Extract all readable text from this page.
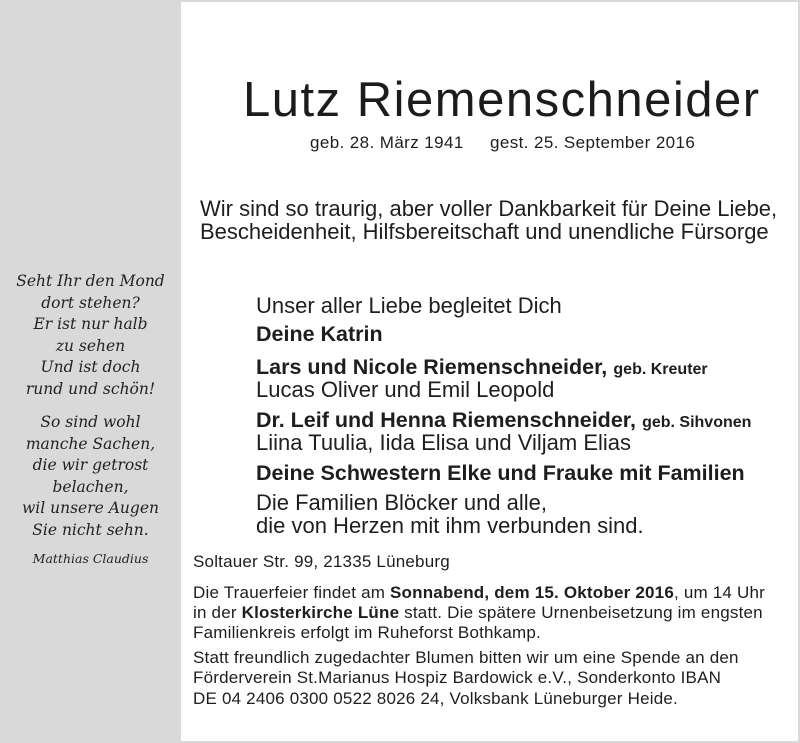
Seht Ihr den Mond
dort stehen?
Er ist nur halb
zu sehen
Und ist doch
rund und schön!
So sind wohl
manche Sachen,
die wir getrost
belachen,
wil unsere Augen
Sie nicht sehn.
Matthias Claudius
Lutz Riemenschneider
geb. 28. März 1941 gest. 25. September 2016
Wir sind so traurig, aber voller Dankbarkeit für Deine Liebe,
Bescheidenheit, Hilfsbereitschaft und unendliche Fürsorge
Unser aller Liebe begleitet Dich
Deine Katrin
Lars und Nicole Riemenschneider, geb. Kreuter
Lucas Oliver und Emil Leopold
Dr. Leif und Henna Riemenschneider, geb. Sihvonen
Liina Tuulia, Iida Elisa und Viljam Elias
Deine Schwestern Elke und Frauke mit Familien
Die Familien Blöcker und alle,
die von Herzen mit ihm verbunden sind.
Soltauer Str. 99, 21335 Lüneburg
Die Trauerfeier findet am Sonnabend, dem 15. Oktober 2016, um 14 Uhr
in der Klosterkirche Lüne statt. Die spätere Urnenbeisetzung im engsten
Familienkreis erfolgt im Ruheforst Bothkamp.
Statt freundlich zugedachter Blumen bitten wir um eine Spende an den
Förderverein St.Marianus Hospiz Bardowick e.V., Sonderkonto IBAN
DE 04 2406 0300 0522 8026 24, Volksbank Lüneburger Heide.
